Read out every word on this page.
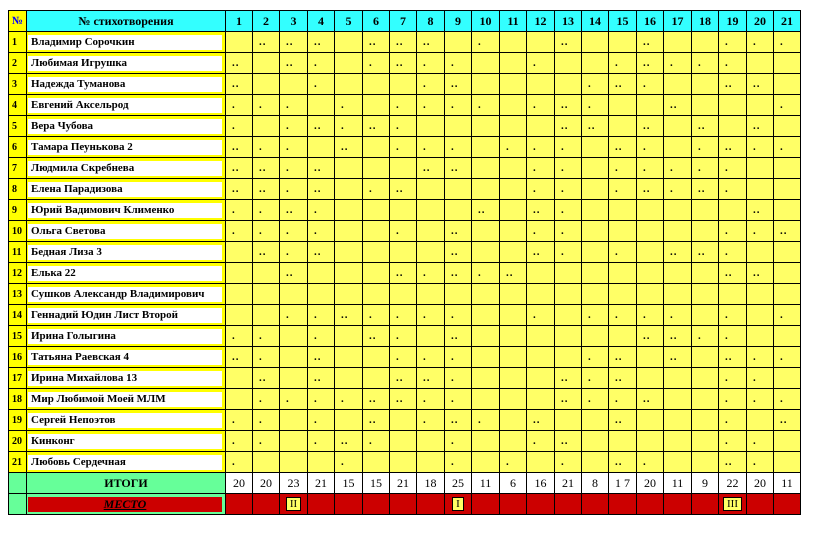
№	№ стихотворения	1	2	3	4	5	6	7	8	9	10	11	12	13	14	15	16	17	18	19	20	21
1	Владимир Сорочкин		..	..	..		..	..	..		.			..			..			.	.	.
2	Любимая Игрушка	..		..	.		.	..	.	.			.			.	..	.	.	.		
3	Надежда Туманова	..			.				.	..					.	..	.			..	..	
4	Евгений Аксельрод	.	.	.		.		.	.	.	.		.	..	.			..				.
5	Вера Чубова	.		.	..	.	..	.						..	..		..		..		..	
6	Тамара Пеунькова 2	..	.	.		..		.	.	.		.	.	.		..	.		.	..	.	.
7	Людмила Скребнева	..	..	.	..				..	..			.	.		.	.	.	.	.		
8	Елена Парадизова	..	..	.	..		.	..					.	.		.	..	.	..	.		
9	Юрий Вадимович Клименко	.	.	..	.						..		..	.							..	
10	Ольга Светова	.	.	.	.			.		..			.	.						.	.	..
11	Бедная Лиза 3		..	.	..					..			..	.		.		..	..	.		
12	Елька 22			..				..	.	..	.	..								..	..	
13	Сушков Александр Владимирович																					

14	Геннадий Юдин Лист Второй			.	.	..	.	.	.	.			.		.	.	.	.		.		.
15	Ирина Голыгина	.	.		.		..	.		..							..	..	.	.		
16	Татьяна Раевская 4	..	.		..			.	.	.					.	..		..		..	.	.
17	Ирина Михайлова 13		..		..			..	..	.				..	.	..				.	.	
18	Мир Любимой Моей МЛМ		.	.	.	.	..	..	.	.				..	.	.	..			.	.	.
19	Сергей Непоэтов	.	.		.		..		.	..	.		..			..				.		..
20	Кинконг	.	.		.	..	.			.			.	..						.	.	
21	Любовь Сердечная	.				.				.		.		.		..	.			..	.	
	ИТОГИ	20	20	23	21	15	15	21	18	25	11	6	16	21	8	1 7	20	11	9	22	20	11

	МЕСТО			II						I										III		
